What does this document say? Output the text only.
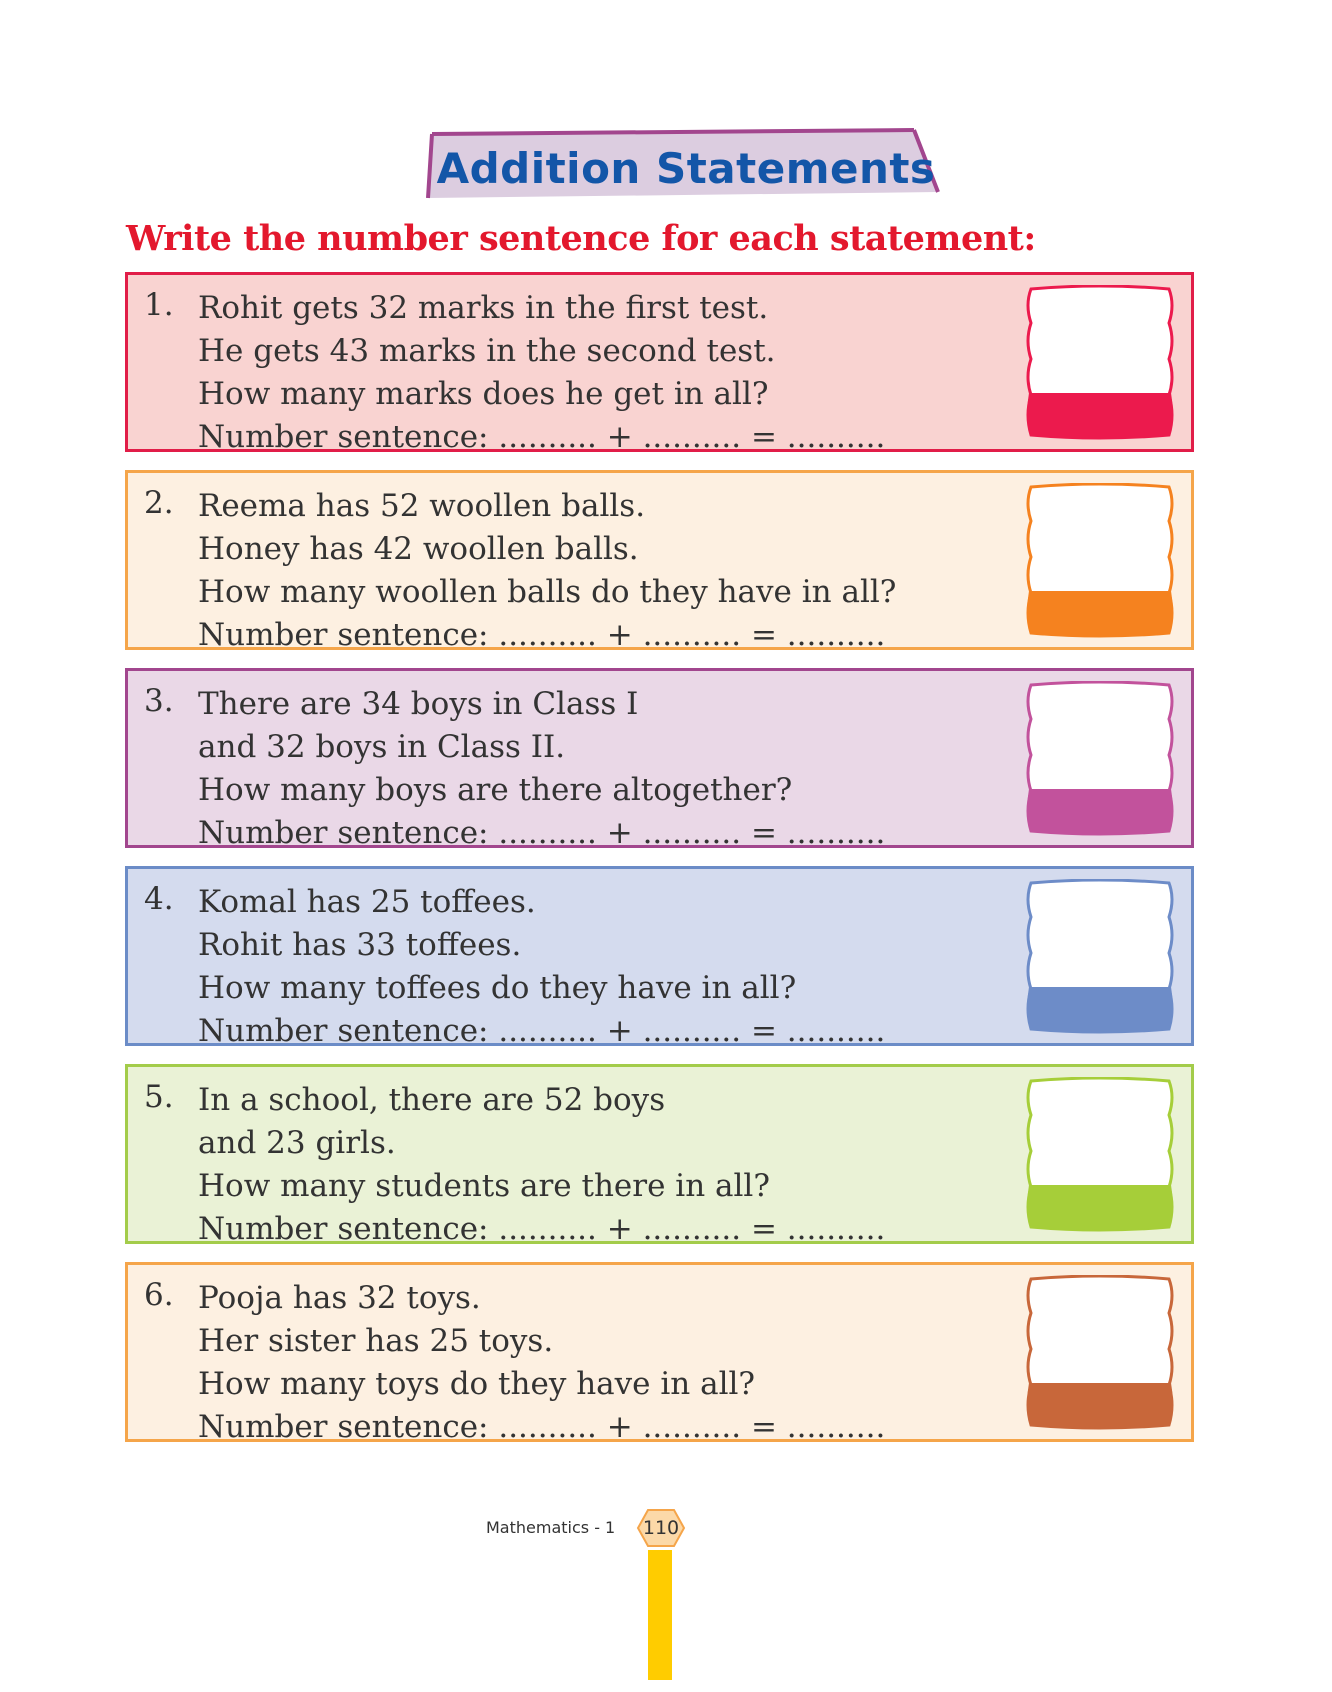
Addition Statements
Write the number sentence for each statement:
1. Rohit gets 32 marks in the first test.
He gets 43 marks in the second test.
How many marks does he get in all?
Number sentence: .......... + .......... = ..........
2. Reema has 52 woollen balls.
Honey has 42 woollen balls.
How many woollen balls do they have in all?
Number sentence: .......... + .......... = ..........
3. There are 34 boys in Class I
and 32 boys in Class II.
How many boys are there altogether?
Number sentence: .......... + .......... = ..........
4. Komal has 25 toffees.
Rohit has 33 toffees.
How many toffees do they have in all?
Number sentence: .......... + .......... = ..........
5. In a school, there are 52 boys
and 23 girls.
How many students are there in all?
Number sentence: .......... + .......... = ..........
6. Pooja has 32 toys.
Her sister has 25 toys.
How many toys do they have in all?
Number sentence: .......... + .......... = ..........
Mathematics - 1	110
